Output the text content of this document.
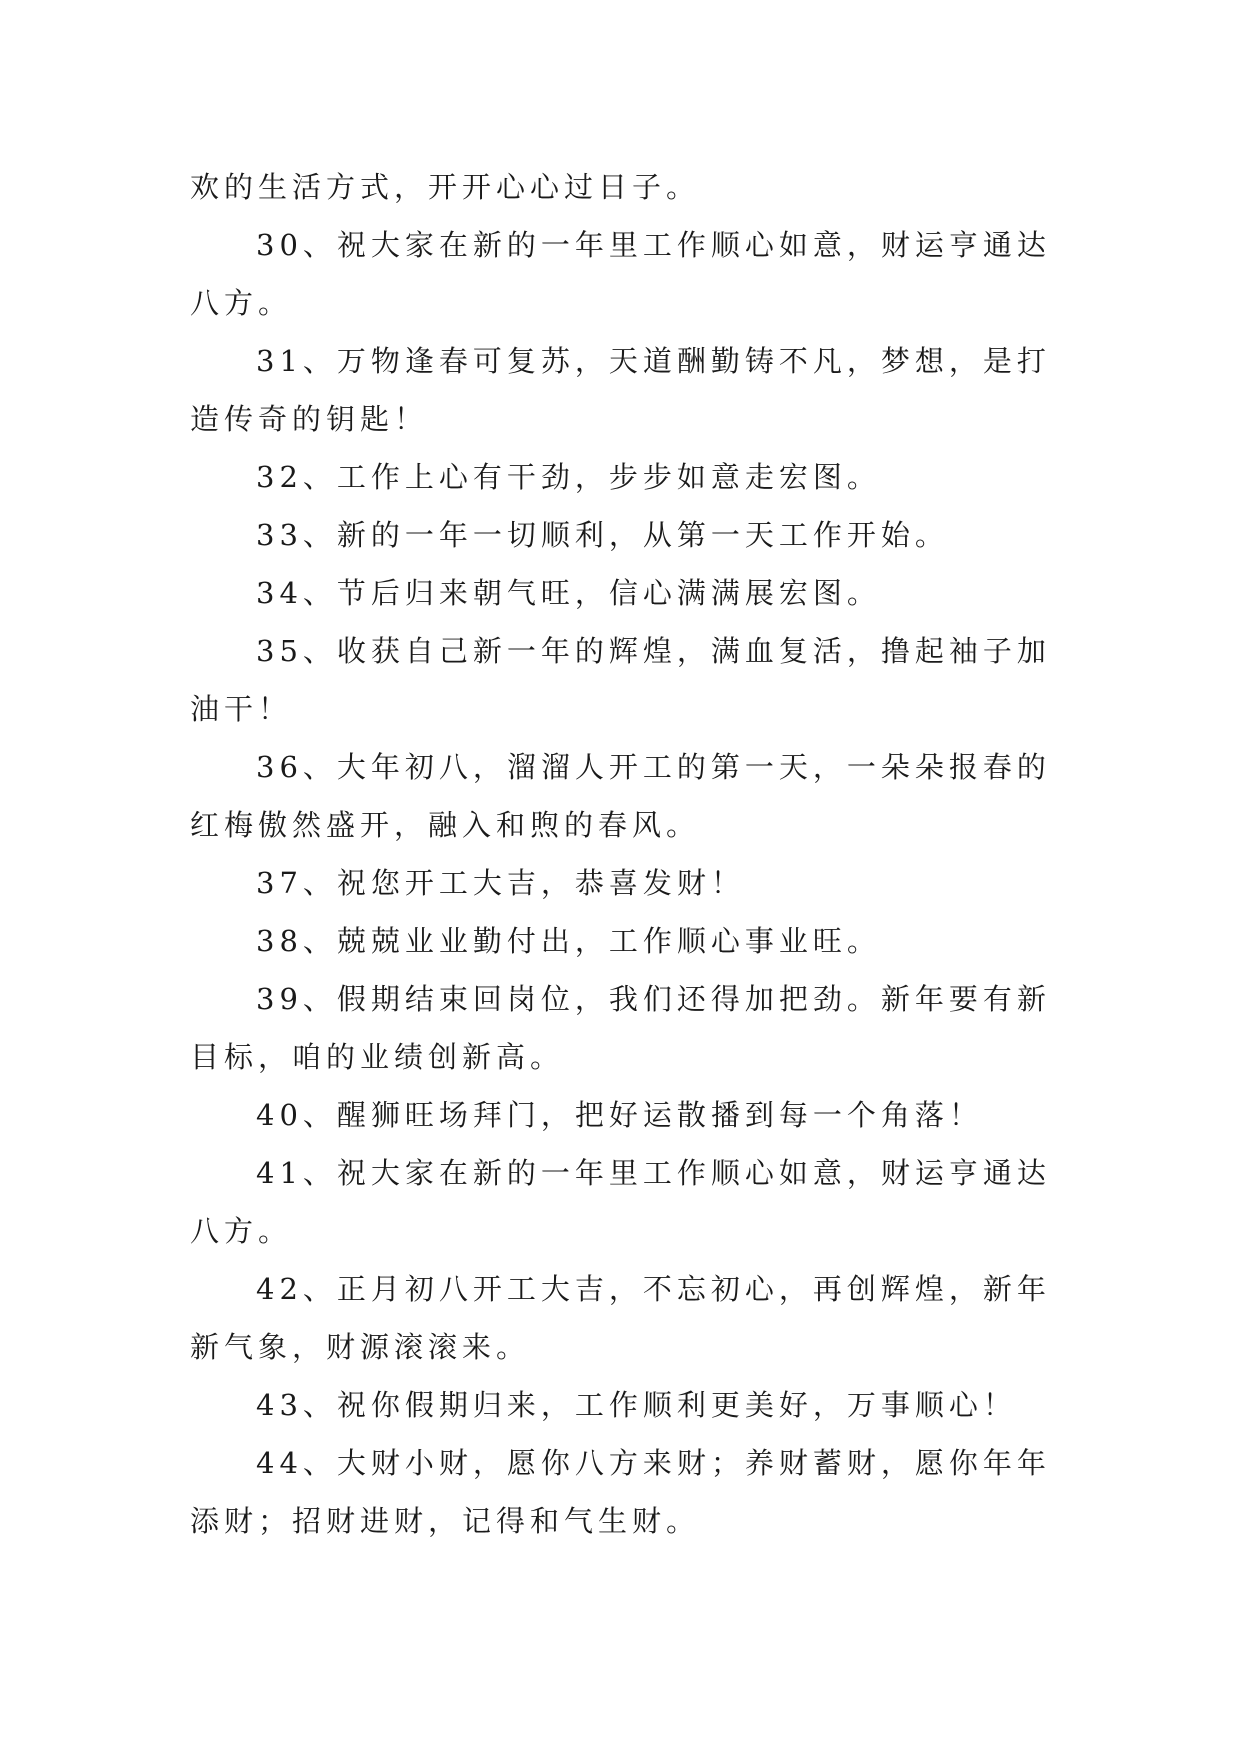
欢的生活方式，开开心心过日子。

30、祝大家在新的一年里工作顺心如意，财运亨通达八方。

31、万物逢春可复苏，天道酬勤铸不凡，梦想，是打造传奇的钥匙！

32、工作上心有干劲，步步如意走宏图。

33、新的一年一切顺利，从第一天工作开始。

34、节后归来朝气旺，信心满满展宏图。

35、收获自己新一年的辉煌，满血复活，撸起袖子加油干！

36、大年初八，溜溜人开工的第一天，一朵朵报春的红梅傲然盛开，融入和煦的春风。

37、祝您开工大吉，恭喜发财！

38、兢兢业业勤付出，工作顺心事业旺。

39、假期结束回岗位，我们还得加把劲。新年要有新目标，咱的业绩创新高。

40、醒狮旺场拜门，把好运散播到每一个角落！

41、祝大家在新的一年里工作顺心如意，财运亨通达八方。

42、正月初八开工大吉，不忘初心，再创辉煌，新年新气象，财源滚滚来。

43、祝你假期归来，工作顺利更美好，万事顺心！

44、大财小财，愿你八方来财；养财蓄财，愿你年年添财；招财进财，记得和气生财。
